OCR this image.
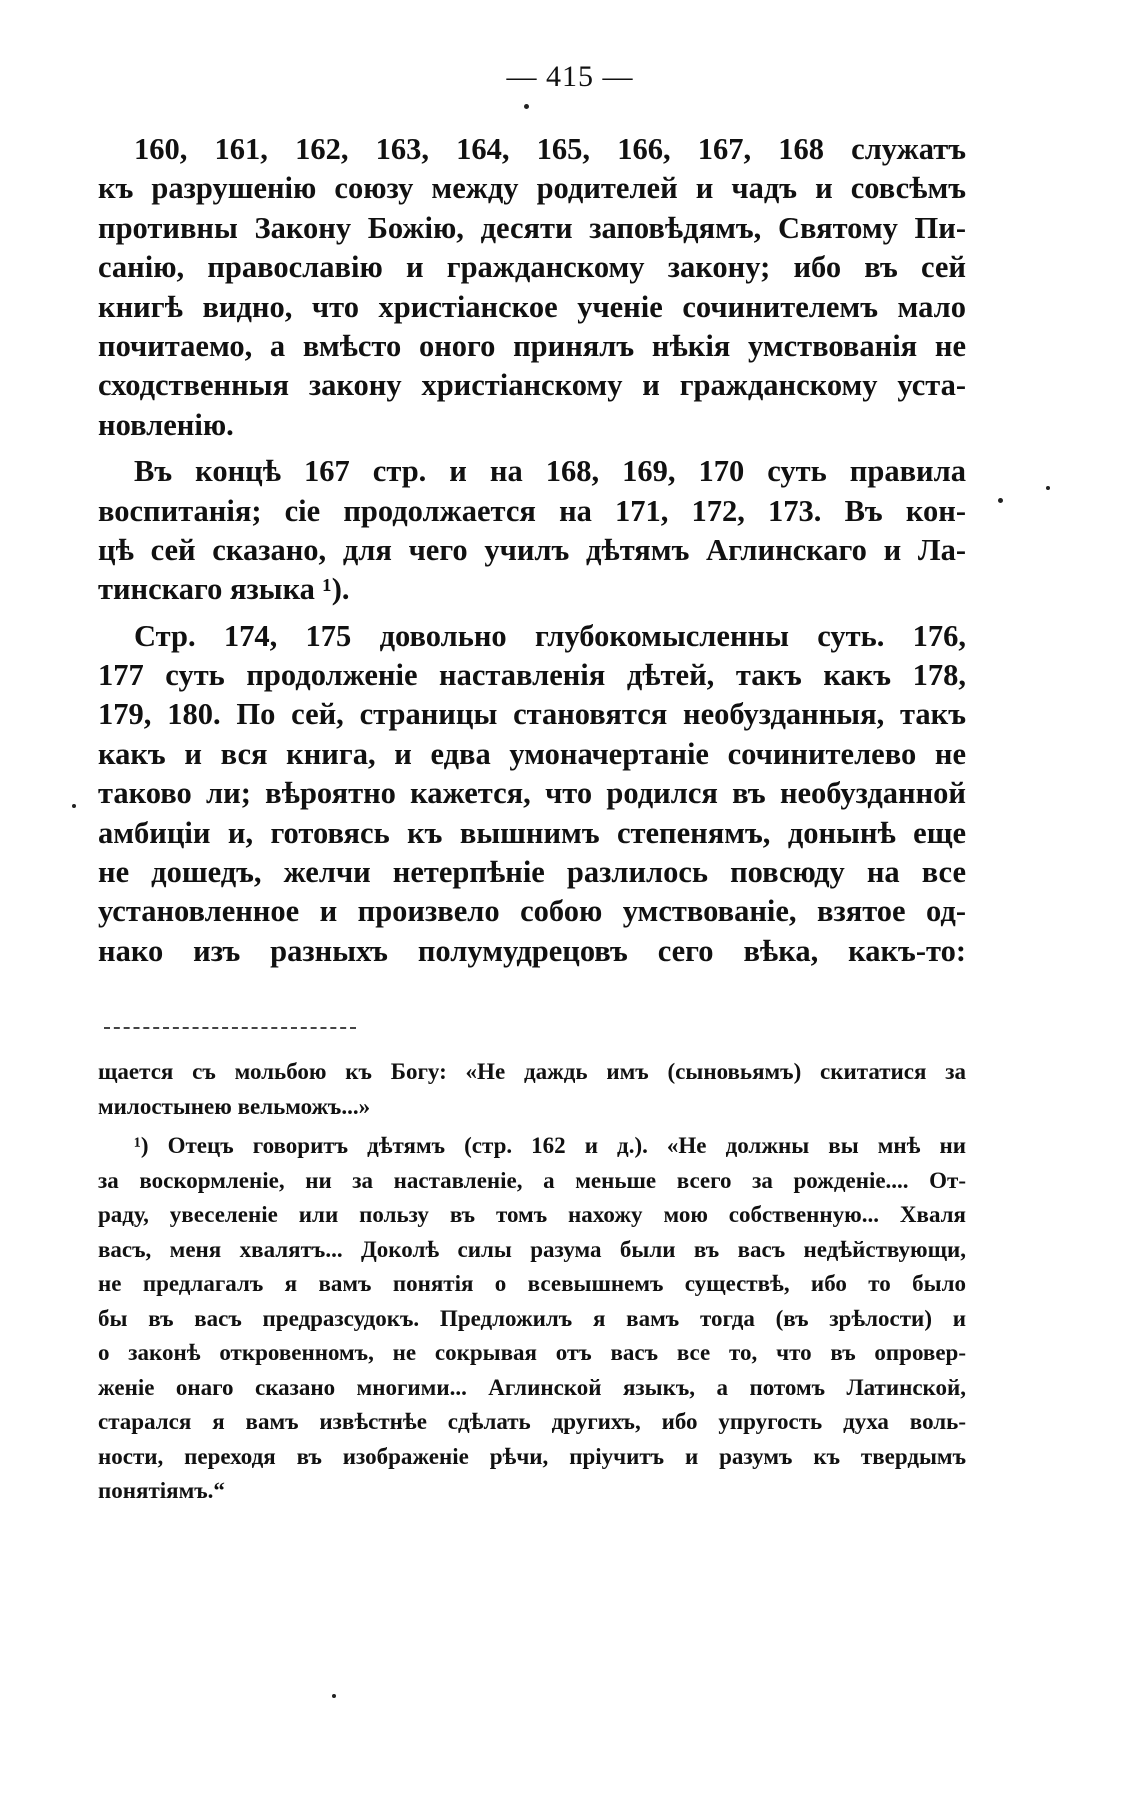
— 415 —
160, 161, 162, 163, 164, 165, 166, 167, 168 служатъ
къ разрушенію союзу между родителей и чадъ и совсѣмъ
противны Закону Божію, десяти заповѣдямъ, Святому Пи-
санію, православію и гражданскому закону; ибо въ сей
книгѣ видно, что христіанское ученіе сочинителемъ мало
почитаемо, а вмѣсто оного принялъ нѣкія умствованія не
сходственныя закону христіанскому и гражданскому уста-
новленію.
Въ концѣ 167 стр. и на 168, 169, 170 суть правила
воспитанія; сіе продолжается на 171, 172, 173. Въ кон-
цѣ сей сказано, для чего училъ дѣтямъ Аглинскаго и Ла-
тинскаго языка ¹).
Стр. 174, 175 довольно глубокомысленны суть. 176,
177 суть продолженіе наставленія дѣтей, такъ какъ 178,
179, 180. По сей, страницы становятся необузданныя, такъ
какъ и вся книга, и едва умоначертаніе сочинителево не
таково ли; вѣроятно кажется, что родился въ необузданной
амбиціи и, готовясь къ вышнимъ степенямъ, донынѣ еще
не дошедъ, желчи нетерпѣніе разлилось повсюду на все
установленное и произвело собою умствованіе, взятое од-
нако изъ разныхъ полумудрецовъ сего вѣка, какъ-то:
щается съ мольбою къ Богу: «Не даждь имъ (сыновьямъ) скитатися за
милостынею вельможъ...»
¹) Отецъ говоритъ дѣтямъ (стр. 162 и д.). «Не должны вы мнѣ ни
за воскормленіе, ни за наставленіе, а меньше всего за рожденіе.... От-
раду, увеселеніе или пользу въ томъ нахожу мою собственную... Хваля
васъ, меня хвалятъ... Доколѣ силы разума были въ васъ недѣйствующи,
не предлагалъ я вамъ понятія о всевышнемъ существѣ, ибо то было
бы въ васъ предразсудокъ. Предложилъ я вамъ тогда (въ зрѣлости) и
о законѣ откровенномъ, не сокрывая отъ васъ все то, что въ опровер-
женіе онаго сказано многими... Аглинской языкъ, а потомъ Латинской,
старался я вамъ извѣстнѣе сдѣлать другихъ, ибо упругость духа воль-
ности, переходя въ изображеніе рѣчи, пріучитъ и разумъ къ твердымъ
понятіямъ.“
